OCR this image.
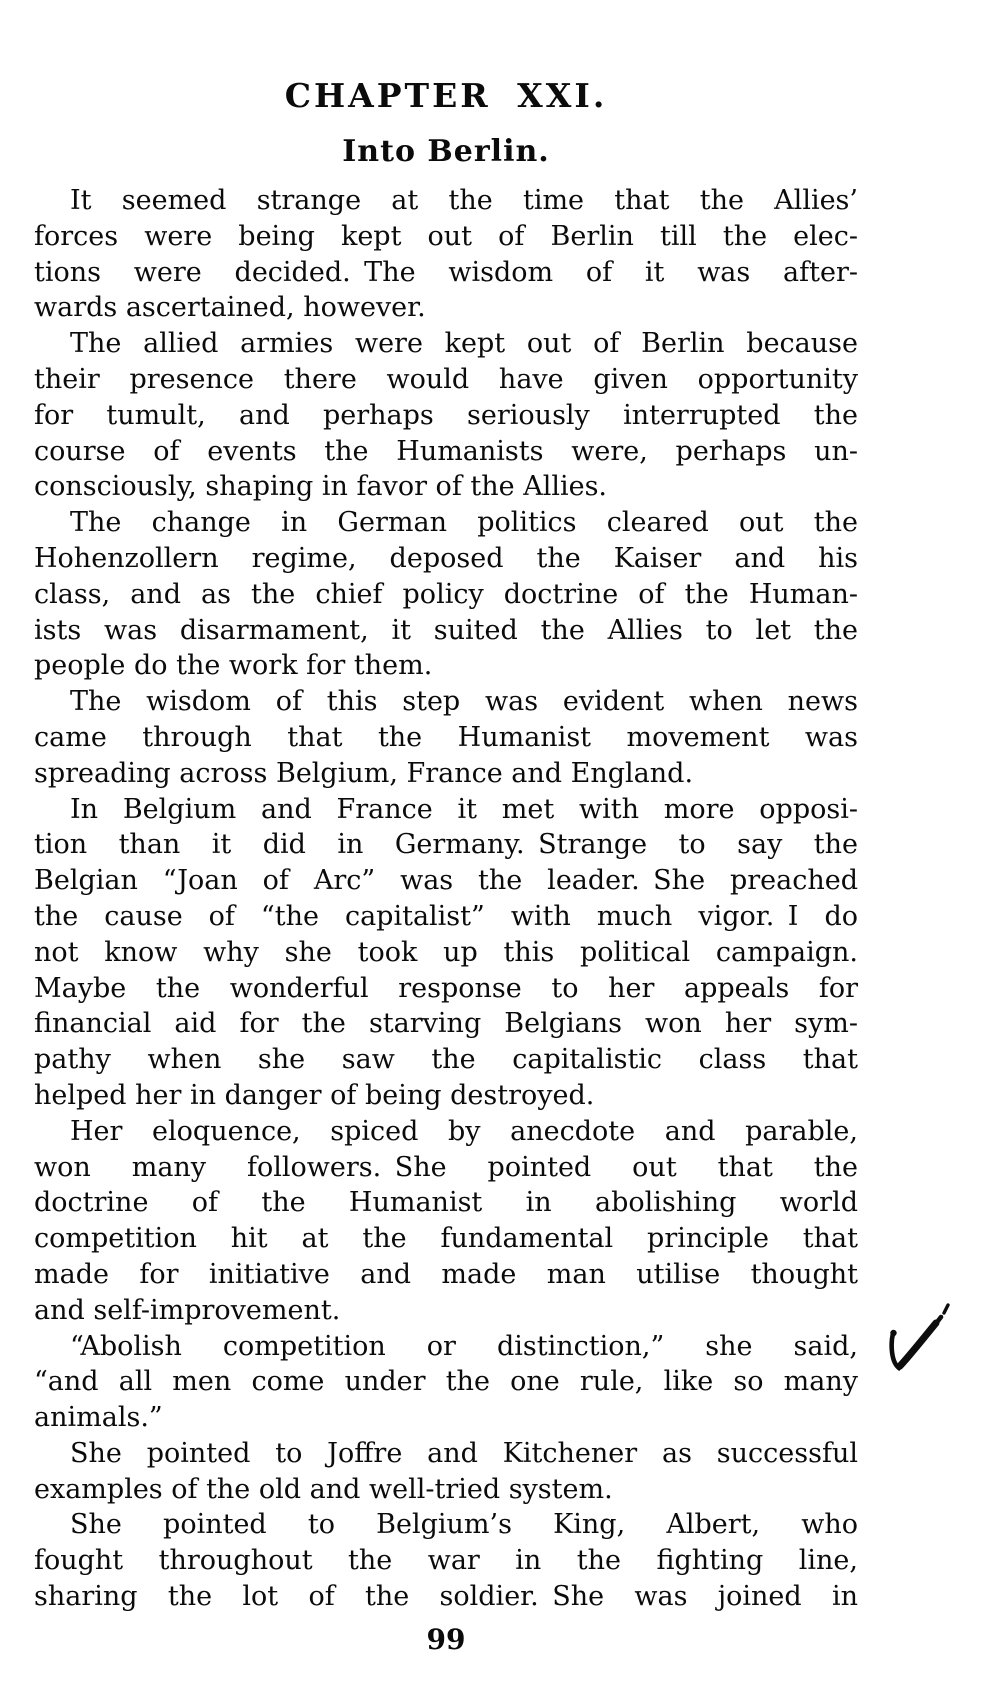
CHAPTER XXI.
Into Berlin.

It seemed strange at the time that the Allies’
forces were being kept out of Berlin till the elec-
tions were decided. The wisdom of it was after-
wards ascertained, however.

The allied armies were kept out of Berlin because
their presence there would have given opportunity
for tumult, and perhaps seriously interrupted the
course of events the Humanists were, perhaps un-
consciously, shaping in favor of the Allies.

The change in German politics cleared out the
Hohenzollern regime, deposed the Kaiser and his
class, and as the chief policy doctrine of the Human-
ists was disarmament, it suited the Allies to let the
people do the work for them.

The wisdom of this step was evident when news
came through that the Humanist movement was
spreading across Belgium, France and England.

In Belgium and France it met with more opposi-
tion than it did in Germany. Strange to say the
Belgian “Joan of Arc” was the leader. She preached
the cause of “the capitalist” with much vigor. I do
not know why she took up this political campaign.
Maybe the wonderful response to her appeals for
financial aid for the starving Belgians won her sym-
pathy when she saw the capitalistic class that
helped her in danger of being destroyed.

Her eloquence, spiced by anecdote and parable,
won many followers. She pointed out that the
doctrine of the Humanist in abolishing world
competition hit at the fundamental principle that
made for initiative and made man utilise thought
and self-improvement.

“Abolish competition or distinction,” she said,
“and all men come under the one rule, like so many
animals.”

She pointed to Joffre and Kitchener as successful
examples of the old and well-tried system.

She pointed to Belgium’s King, Albert, who
fought throughout the war in the fighting line,
sharing the lot of the soldier. She was joined in

99
